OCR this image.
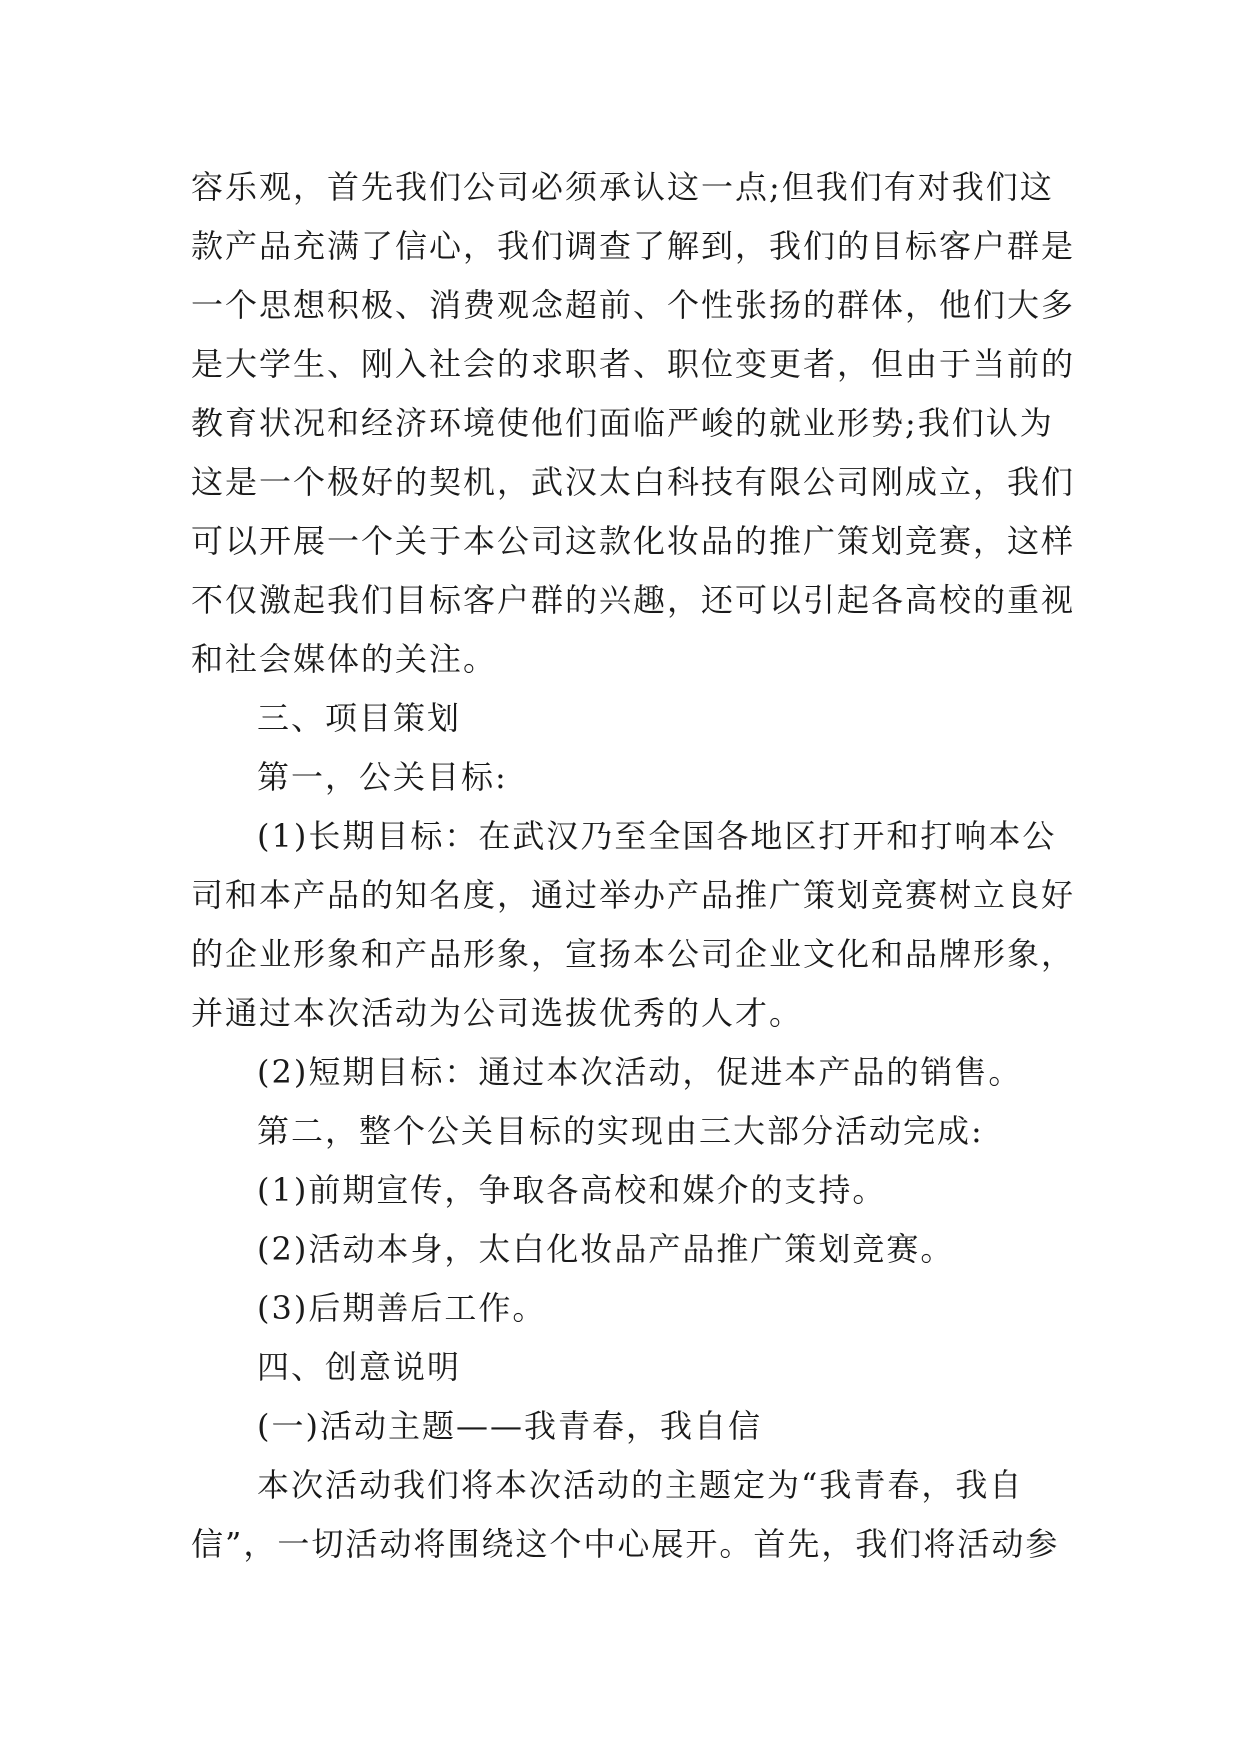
容乐观，首先我们公司必须承认这一点;但我们有对我们这
款产品充满了信心，我们调查了解到，我们的目标客户群是
一个思想积极、消费观念超前、个性张扬的群体，他们大多
是大学生、刚入社会的求职者、职位变更者，但由于当前的
教育状况和经济环境使他们面临严峻的就业形势;我们认为
这是一个极好的契机，武汉太白科技有限公司刚成立，我们
可以开展一个关于本公司这款化妆品的推广策划竞赛，这样
不仅激起我们目标客户群的兴趣，还可以引起各高校的重视
和社会媒体的关注。
三、项目策划
第一，公关目标:
(1)长期目标：在武汉乃至全国各地区打开和打响本公
司和本产品的知名度，通过举办产品推广策划竞赛树立良好
的企业形象和产品形象，宣扬本公司企业文化和品牌形象，
并通过本次活动为公司选拔优秀的人才。
(2)短期目标：通过本次活动，促进本产品的销售。
第二，整个公关目标的实现由三大部分活动完成:
(1)前期宣传，争取各高校和媒介的支持。
(2)活动本身，太白化妆品产品推广策划竞赛。
(3)后期善后工作。
四、创意说明
(一)活动主题——我青春，我自信
本次活动我们将本次活动的主题定为“我青春，我自
信”，一切活动将围绕这个中心展开。首先，我们将活动参
